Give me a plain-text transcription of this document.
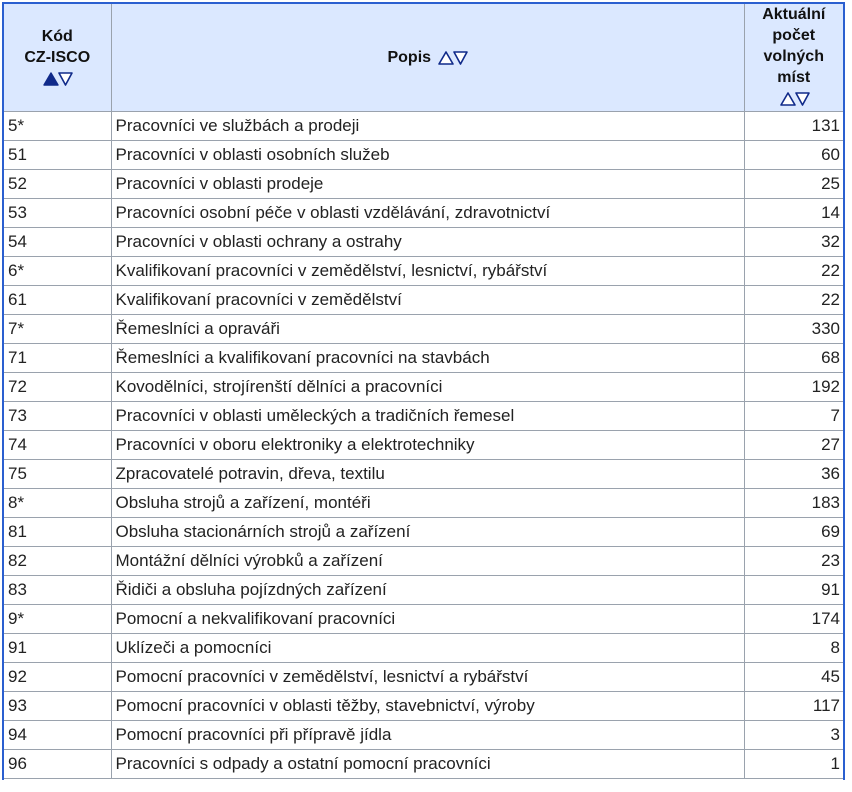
Kód
CZ-ISCO	Popis	Aktuální
počet
volných
míst

5*	Pracovníci ve službách a prodeji	131
51	Pracovníci v oblasti osobních služeb	60
52	Pracovníci v oblasti prodeje	25
53	Pracovníci osobní péče v oblasti vzdělávání, zdravotnictví	14
54	Pracovníci v oblasti ochrany a ostrahy	32
6*	Kvalifikovaní pracovníci v zemědělství, lesnictví, rybářství	22
61	Kvalifikovaní pracovníci v zemědělství	22
7*	Řemeslníci a opraváři	330
71	Řemeslníci a kvalifikovaní pracovníci na stavbách	68
72	Kovodělníci, strojírenští dělníci a pracovníci	192
73	Pracovníci v oblasti uměleckých a tradičních řemesel	7
74	Pracovníci v oboru elektroniky a elektrotechniky	27
75	Zpracovatelé potravin, dřeva, textilu	36
8*	Obsluha strojů a zařízení, montéři	183
81	Obsluha stacionárních strojů a zařízení	69
82	Montážní dělníci výrobků a zařízení	23
83	Řidiči a obsluha pojízdných zařízení	91
9*	Pomocní a nekvalifikovaní pracovníci	174
91	Uklízeči a pomocníci	8
92	Pomocní pracovníci v zemědělství, lesnictví a rybářství	45
93	Pomocní pracovníci v oblasti těžby, stavebnictví, výroby	117
94	Pomocní pracovníci při přípravě jídla	3
96	Pracovníci s odpady a ostatní pomocní pracovníci	1
